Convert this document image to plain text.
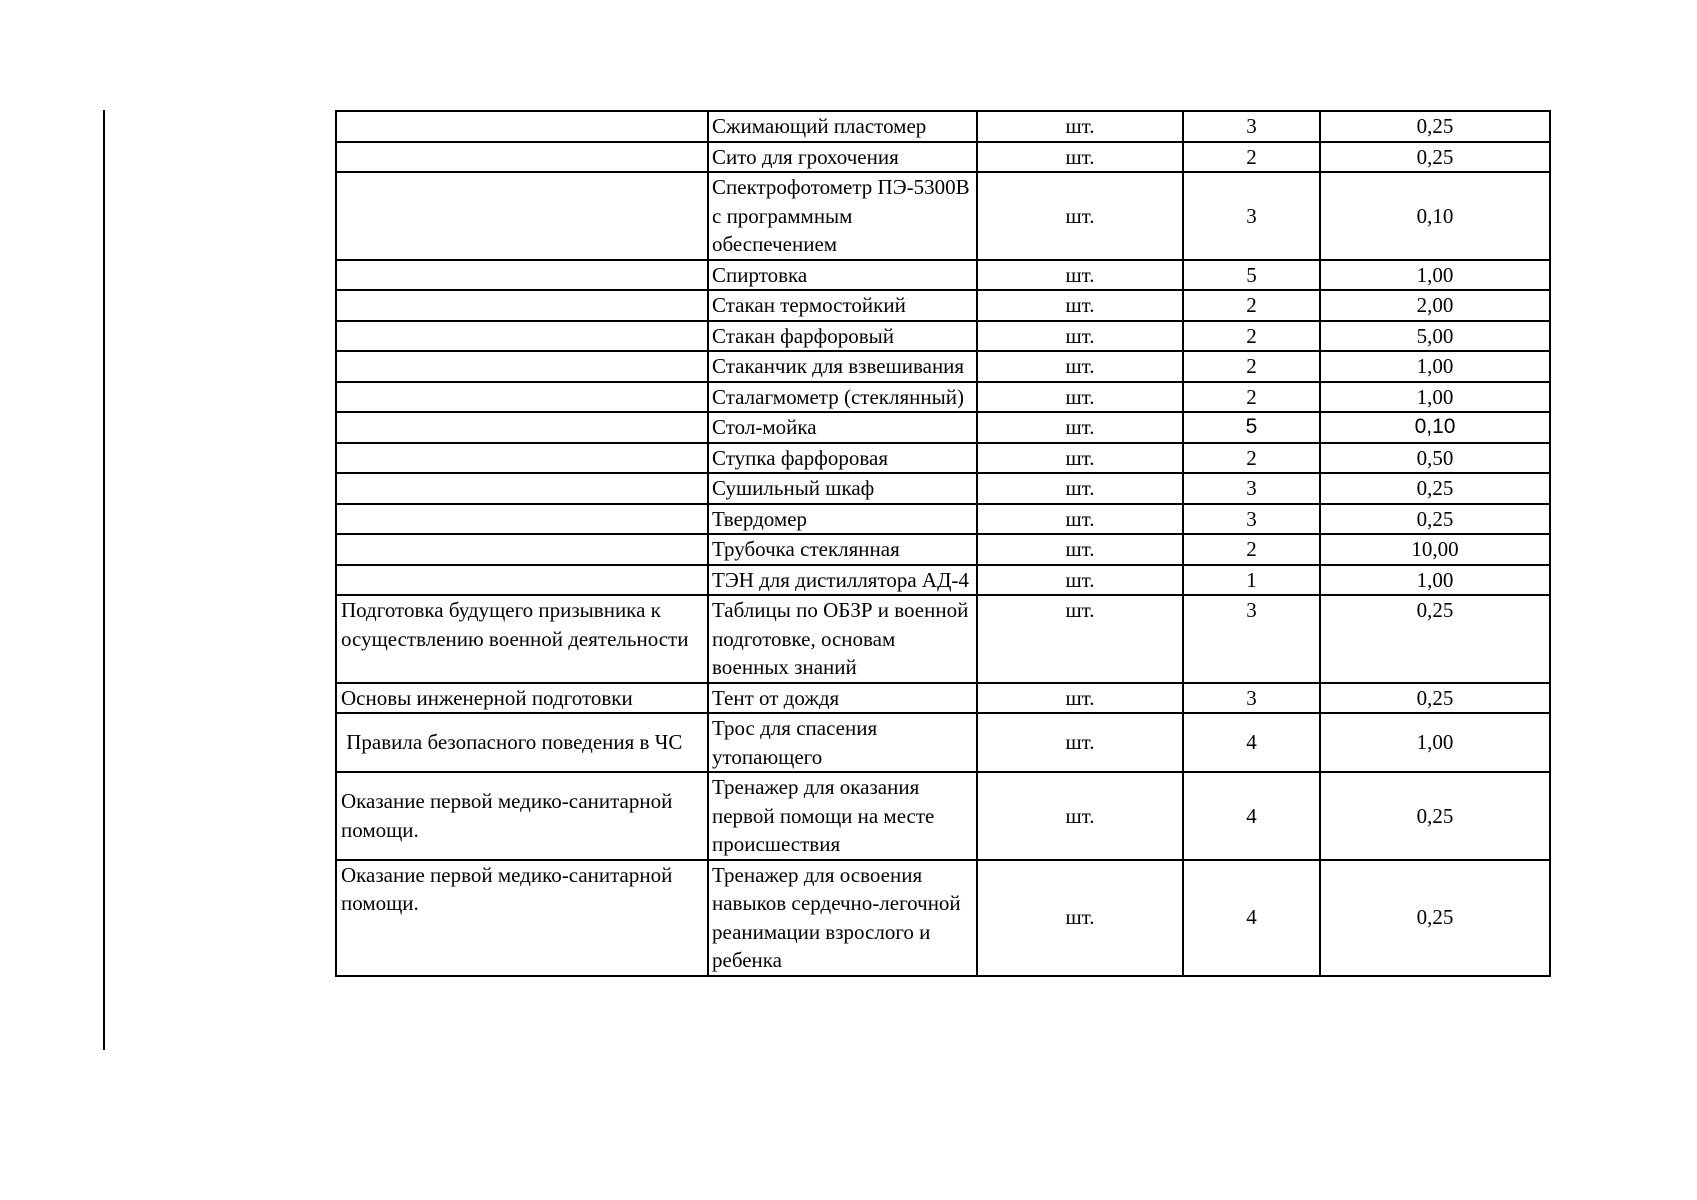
	Сжимающий пластомер	шт.	3	0,25
	Сито для грохочения	шт.	2	0,25
	Спектрофотометр ПЭ-5300В с программным обеспечением	шт.	3	0,10
	Спиртовка	шт.	5	1,00
	Стакан термостойкий	шт.	2	2,00
	Стакан фарфоровый	шт.	2	5,00
	Стаканчик для взвешивания	шт.	2	1,00
	Сталагмометр (стеклянный)	шт.	2	1,00
	Стол-мойка	шт.	5	0,10
	Ступка фарфоровая	шт.	2	0,50
	Сушильный шкаф	шт.	3	0,25
	Твердомер	шт.	3	0,25
	Трубочка стеклянная	шт.	2	10,00
	ТЭН для дистиллятора АД-4	шт.	1	1,00
Подготовка будущего призывника к осуществлению военной деятельности	Таблицы по ОБЗР и военной подготовке, основам военных знаний	шт.	3	0,25
Основы инженерной подготовки	Тент от дождя	шт.	3	0,25
Правила безопасного поведения в ЧС	Трос для спасения утопающего	шт.	4	1,00
Оказание первой медико-санитарной помощи.	Тренажер для оказания первой помощи на месте происшествия	шт.	4	0,25
Оказание первой медико-санитарной помощи.	Тренажер для освоения навыков сердечно-легочной реанимации взрослого и ребенка	шт.	4	0,25
